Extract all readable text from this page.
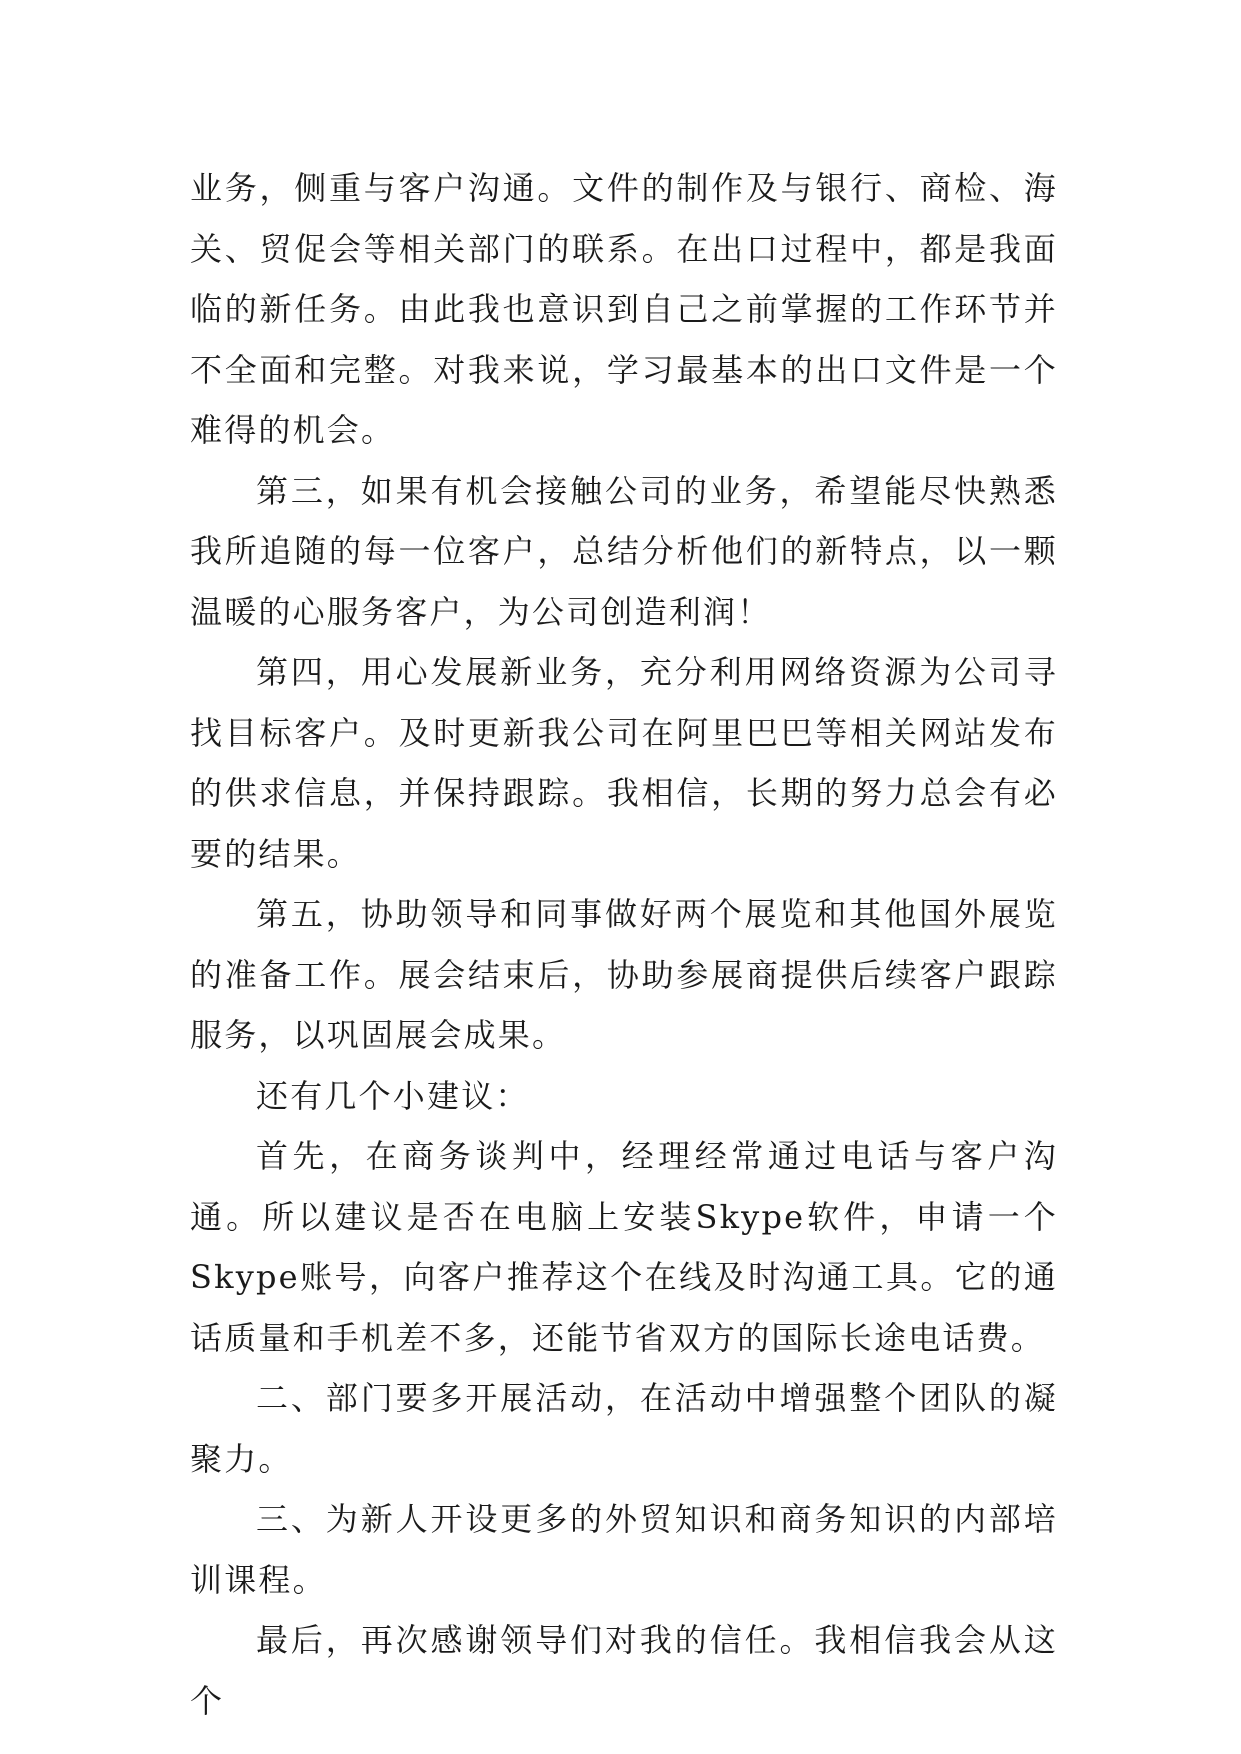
业务，侧重与客户沟通。文件的制作及与银行、商检、海关、贸促会等相关部门的联系。在出口过程中，都是我面临的新任务。由此我也意识到自己之前掌握的工作环节并不全面和完整。对我来说，学习最基本的出口文件是一个难得的机会。

第三，如果有机会接触公司的业务，希望能尽快熟悉我所追随的每一位客户，总结分析他们的新特点，以一颗温暖的心服务客户，为公司创造利润！

第四，用心发展新业务，充分利用网络资源为公司寻找目标客户。及时更新我公司在阿里巴巴等相关网站发布的供求信息，并保持跟踪。我相信，长期的努力总会有必要的结果。

第五，协助领导和同事做好两个展览和其他国外展览的准备工作。展会结束后，协助参展商提供后续客户跟踪服务，以巩固展会成果。

还有几个小建议：

首先，在商务谈判中，经理经常通过电话与客户沟通。所以建议是否在电脑上安装Skype软件，申请一个Skype账号，向客户推荐这个在线及时沟通工具。它的通话质量和手机差不多，还能节省双方的国际长途电话费。

二、部门要多开展活动，在活动中增强整个团队的凝聚力。

三、为新人开设更多的外贸知识和商务知识的内部培训课程。

最后，再次感谢领导们对我的信任。我相信我会从这个
